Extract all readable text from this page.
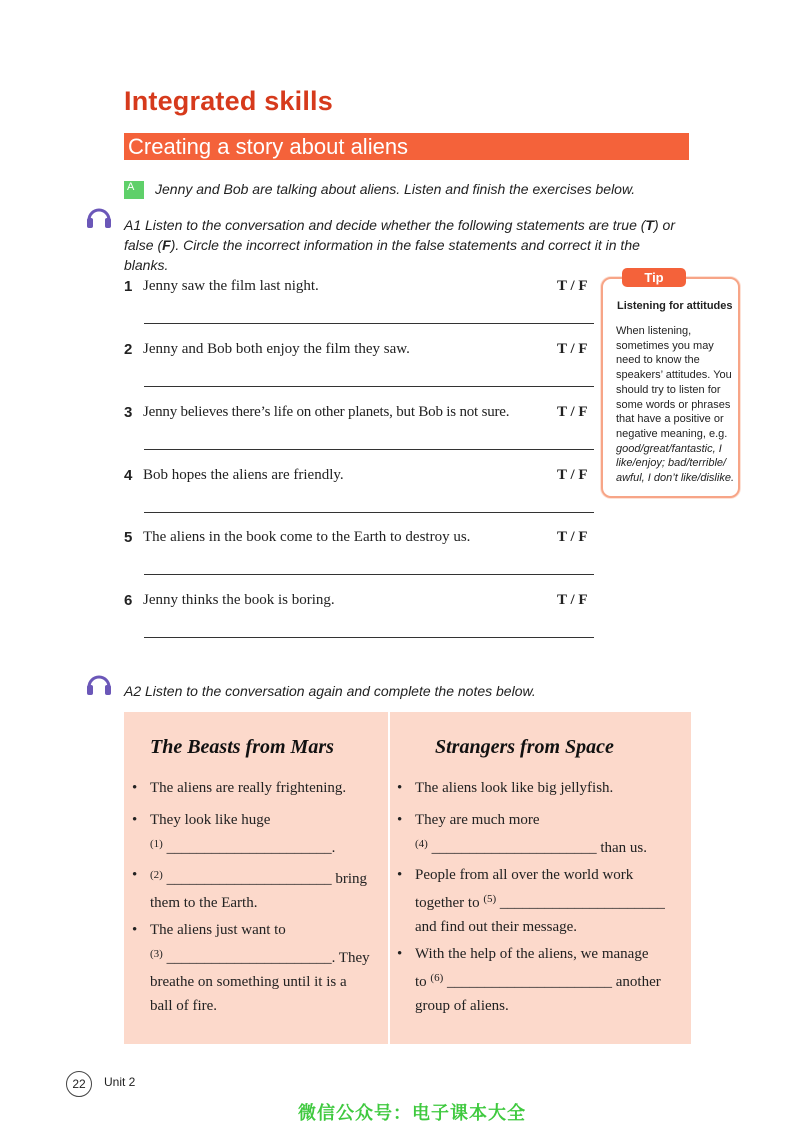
Integrated skills
Creating a story about aliens
A	Jenny and Bob are talking about aliens. Listen and finish the exercises below.
A1 Listen to the conversation and decide whether the following statements are true (T) or
false (F). Circle the incorrect information in the false statements and correct it in the blanks.
1 Jenny saw the film last night.	T / F
2 Jenny and Bob both enjoy the film they saw.	T / F
3 Jenny believes there’s life on other planets, but Bob is not sure.	T / F
4 Bob hopes the aliens are friendly.	T / F
5 The aliens in the book come to the Earth to destroy us.	T / F
6 Jenny thinks the book is boring.	T / F
Tip
Listening for attitudes
When listening, sometimes you may need to know the speakers’ attitudes. You should try to listen for some words or phrases that have a positive or negative meaning, e.g. good/great/fantastic, I like/enjoy; bad/terrible/ awful, I don’t like/dislike.
A2 Listen to the conversation again and complete the notes below.
The Beasts from Mars
• The aliens are really frightening.
• They look like huge
$^{(1)}$ ______________________.
• $^{(2)}$ ______________________ bring
them to the Earth.
• The aliens just want to
$^{(3)}$ ______________________. They
breathe on something until it is a
ball of fire.
Strangers from Space
• The aliens look like big jellyfish.
• They are much more
$^{(4)}$ ______________________ than us.
• People from all over the world work
together to $^{(5)}$ ______________________
and find out their message.
• With the help of the aliens, we manage
to $^{(6)}$ ______________________ another
group of aliens.
22	Unit 2
微信公众号：电子课本大全
